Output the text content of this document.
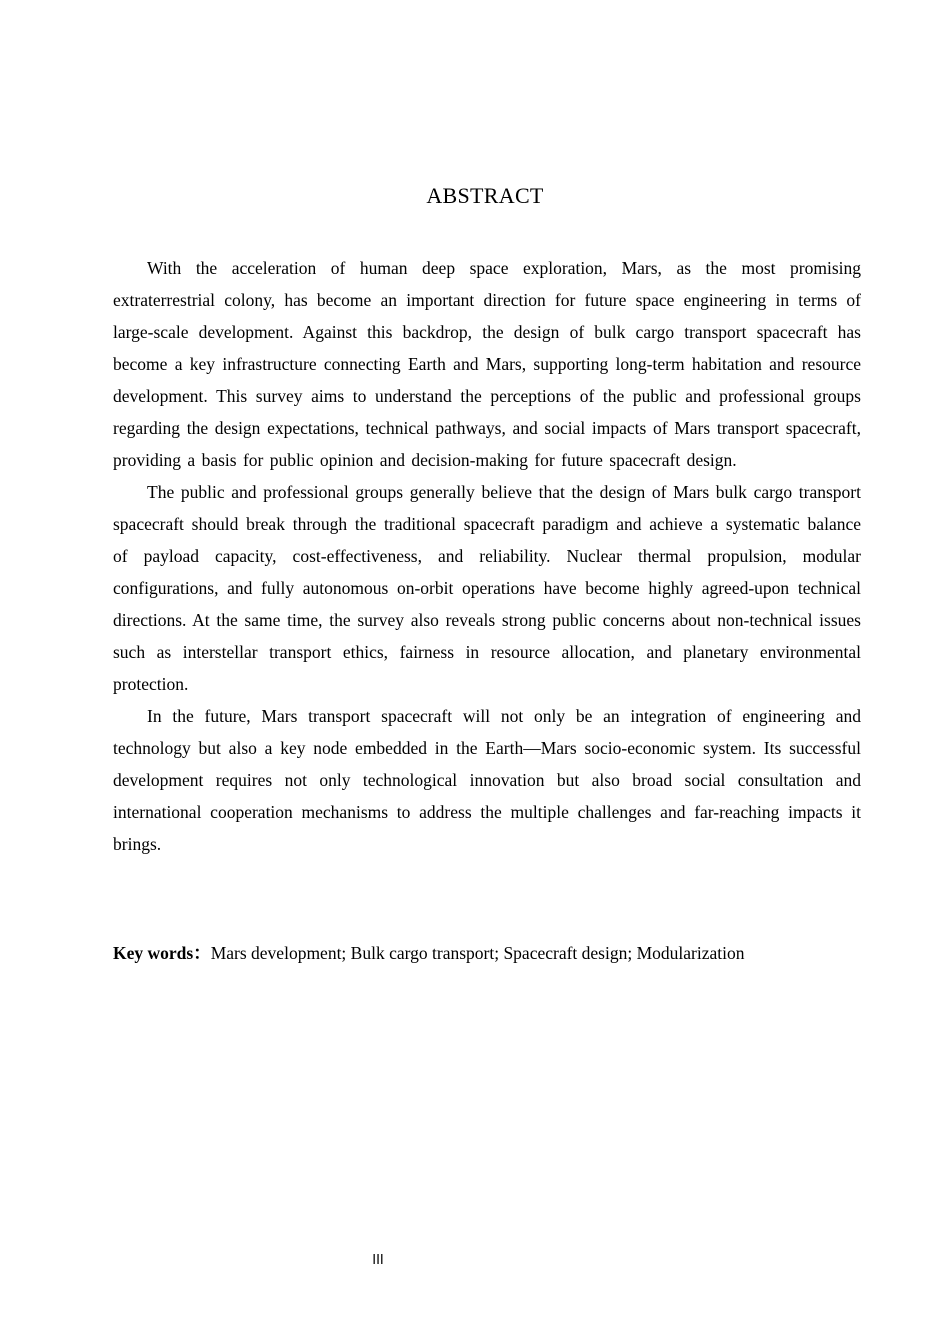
ABSTRACT

With the acceleration of human deep space exploration, Mars, as the most promising extraterrestrial colony, has become an important direction for future space engineering in terms of large-scale development. Against this backdrop, the design of bulk cargo transport spacecraft has become a key infrastructure connecting Earth and Mars, supporting long-term habitation and resource development. This survey aims to understand the perceptions of the public and professional groups regarding the design expectations, technical pathways, and social impacts of Mars transport spacecraft, providing a basis for public opinion and decision-making for future spacecraft design.

The public and professional groups generally believe that the design of Mars bulk cargo transport spacecraft should break through the traditional spacecraft paradigm and achieve a systematic balance of payload capacity, cost-effectiveness, and reliability. Nuclear thermal propulsion, modular configurations, and fully autonomous on-orbit operations have become highly agreed-upon technical directions. At the same time, the survey also reveals strong public concerns about non-technical issues such as interstellar transport ethics, fairness in resource allocation, and planetary environmental protection.

In the future, Mars transport spacecraft will not only be an integration of engineering and technology but also a key node embedded in the Earth—Mars socio-economic system. Its successful development requires not only technological innovation but also broad social consultation and international cooperation mechanisms to address the multiple challenges and far-reaching impacts it brings.

Key words：Mars development; Bulk cargo transport; Spacecraft design; Modularization

III
